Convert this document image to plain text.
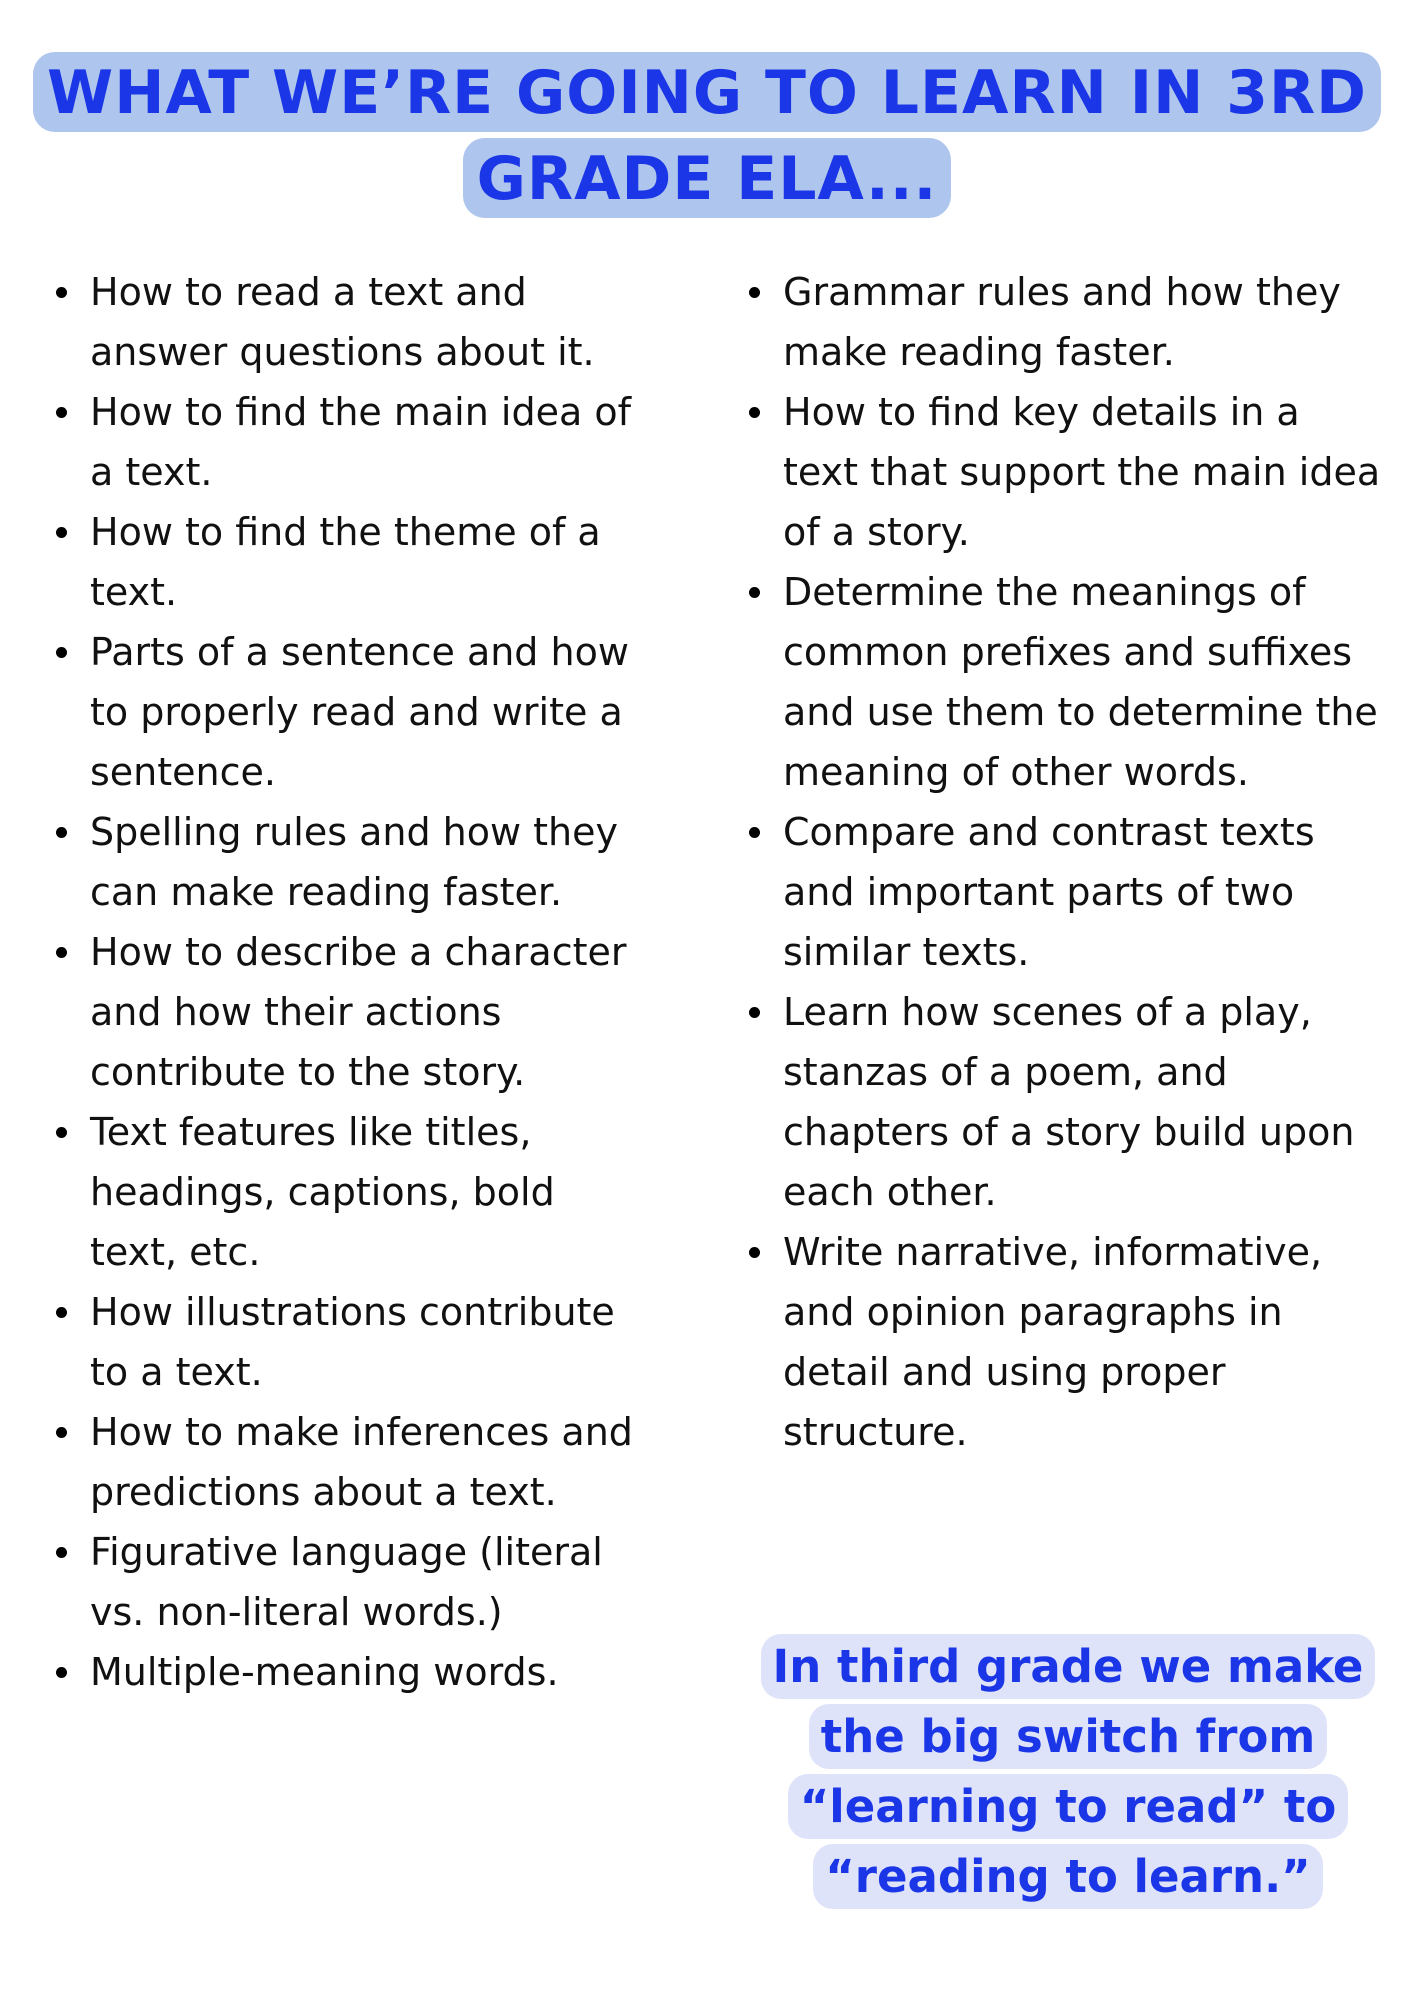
WHAT WE’RE GOING TO LEARN IN 3RD GRADE ELA...
How to read a text and answer questions about it.
How to find the main idea of a text.
How to find the theme of a text.
Parts of a sentence and how to properly read and write a sentence.
Spelling rules and how they can make reading faster.
How to describe a character and how their actions contribute to the story.
Text features like titles, headings, captions, bold text, etc.
How illustrations contribute to a text.
How to make inferences and predictions about a text.
Figurative language (literal vs. non-literal words.)
Multiple-meaning words.
Grammar rules and how they make reading faster.
How to find key details in a text that support the main idea of a story.
Determine the meanings of common prefixes and suffixes and use them to determine the meaning of other words.
Compare and contrast texts and important parts of two similar texts.
Learn how scenes of a play, stanzas of a poem, and chapters of a story build upon each other.
Write narrative, informative, and opinion paragraphs in detail and using proper structure.
In third grade we make the big switch from “learning to read” to “reading to learn.”
